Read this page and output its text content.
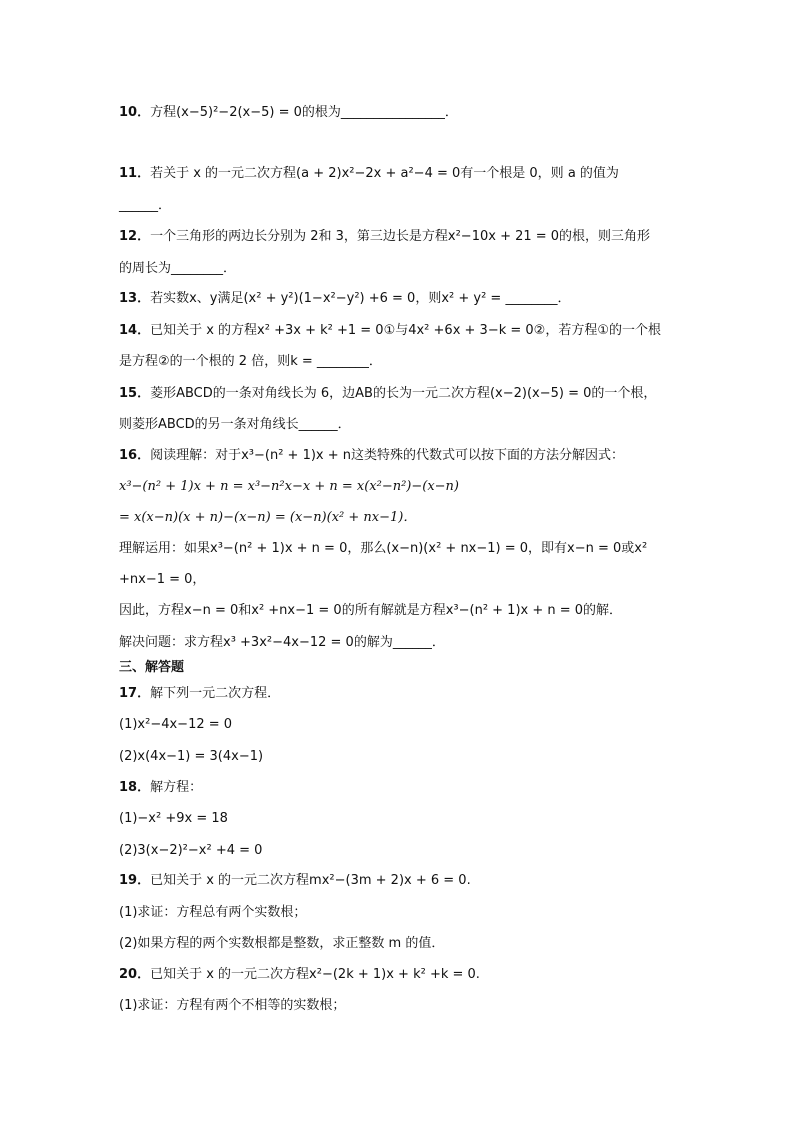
10．方程(x−5)²−2(x−5) = 0的根为________________．
11．若关于 x 的一元二次方程(a + 2)x²−2x + a²−4 = 0有一个根是 0，则 a 的值为
______．
12．一个三角形的两边长分别为 2和 3，第三边长是方程x²−10x + 21 = 0的根，则三角形
的周长为________．
13．若实数x、y满足(x² + y²)(1−x²−y²) +6 = 0，则x² + y² = ________．
14．已知关于 x 的方程x² +3x + k² +1 = 0①与4x² +6x + 3−k = 0②，若方程①的一个根
是方程②的一个根的 2 倍，则k = ________．
15．菱形ABCD的一条对角线长为 6，边AB的长为一元二次方程(x−2)(x−5) = 0的一个根，
则菱形ABCD的另一条对角线长______．
16．阅读理解：对于x³−(n² + 1)x + n这类特殊的代数式可以按下面的方法分解因式：
x³−(n² + 1)x + n = x³−n²x−x + n = x(x²−n²)−(x−n)
= x(x−n)(x + n)−(x−n) = (x−n)(x² + nx−1)．
理解运用：如果x³−(n² + 1)x + n = 0，那么(x−n)(x² + nx−1) = 0，即有x−n = 0或x²
+nx−1 = 0，
因此，方程x−n = 0和x² +nx−1 = 0的所有解就是方程x³−(n² + 1)x + n = 0的解．
解决问题：求方程x³ +3x²−4x−12 = 0的解为______．
三、解答题
17．解下列一元二次方程．
(1)x²−4x−12 = 0
(2)x(4x−1) = 3(4x−1)
18．解方程：
(1)−x² +9x = 18
(2)3(x−2)²−x² +4 = 0
19．已知关于 x 的一元二次方程mx²−(3m + 2)x + 6 = 0.
(1)求证：方程总有两个实数根；
(2)如果方程的两个实数根都是整数，求正整数 m 的值．
20．已知关于 x 的一元二次方程x²−(2k + 1)x + k² +k = 0.
(1)求证：方程有两个不相等的实数根；
